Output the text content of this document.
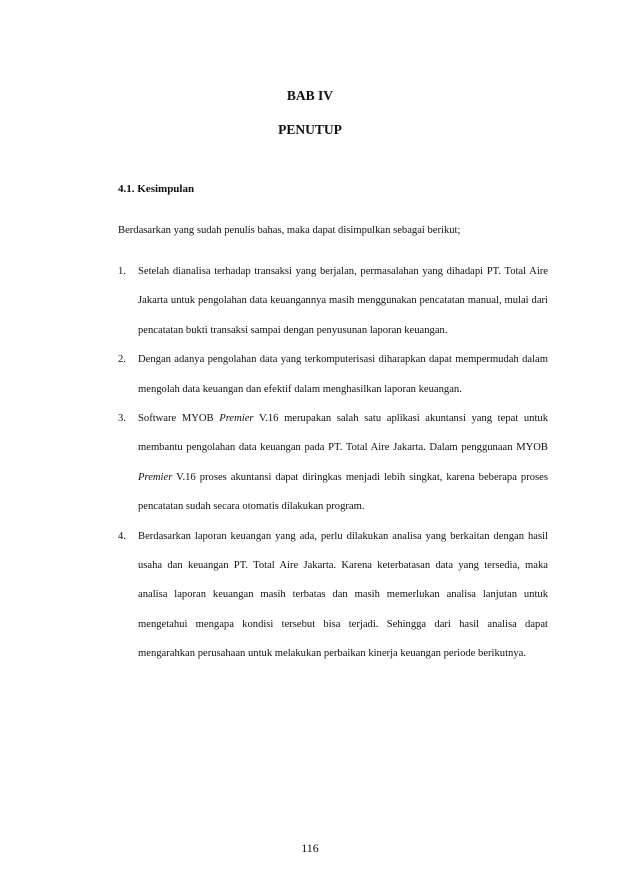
BAB IV
PENUTUP
4.1. Kesimpulan
Berdasarkan yang sudah penulis bahas, maka dapat disimpulkan sebagai berikut;
1. Setelah dianalisa terhadap transaksi yang berjalan, permasalahan yang dihadapi PT. Total Aire Jakarta untuk pengolahan data keuangannya masih menggunakan pencatatan manual, mulai dari pencatatan bukti transaksi sampai dengan penyusunan laporan keuangan.
2. Dengan adanya pengolahan data yang terkomputerisasi diharapkan dapat mempermudah dalam mengolah data keuangan dan efektif dalam menghasilkan laporan keuangan.
3. Software MYOB Premier V.16 merupakan salah satu aplikasi akuntansi yang tepat untuk membantu pengolahan data keuangan pada PT. Total Aire Jakarta. Dalam penggunaan MYOB Premier V.16 proses akuntansi dapat diringkas menjadi lebih singkat, karena beberapa proses pencatatan sudah secara otomatis dilakukan program.
4. Berdasarkan laporan keuangan yang ada, perlu dilakukan analisa yang berkaitan dengan hasil usaha dan keuangan PT. Total Aire Jakarta. Karena keterbatasan data yang tersedia, maka analisa laporan keuangan masih terbatas dan masih memerlukan analisa lanjutan untuk mengetahui mengapa kondisi tersebut bisa terjadi. Sehingga dari hasil analisa dapat mengarahkan perusahaan untuk melakukan perbaikan kinerja keuangan periode berikutnya.
116
